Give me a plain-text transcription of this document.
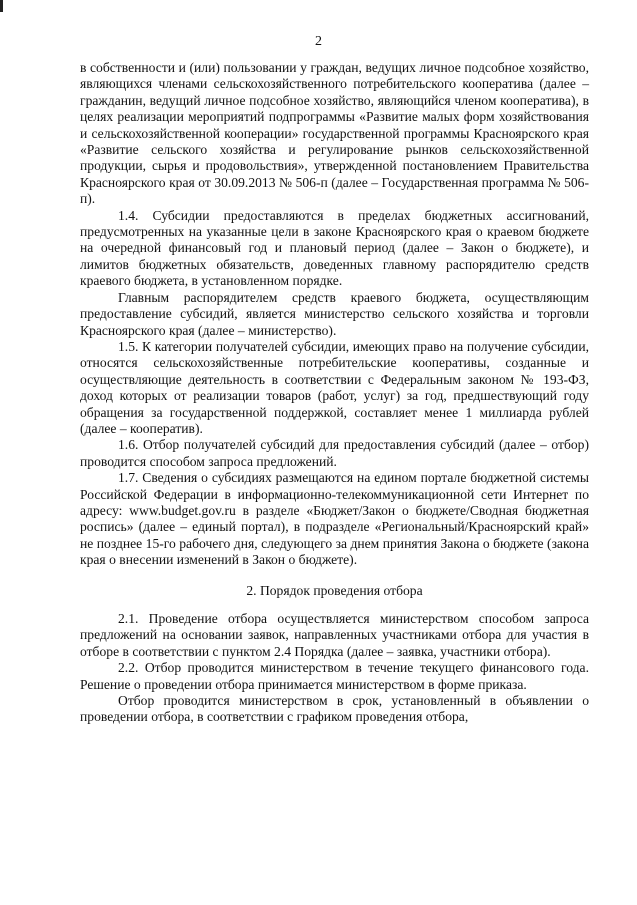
2

в собственности и (или) пользовании у граждан, ведущих личное подсобное хозяйство, являющихся членами сельскохозяйственного потребительского кооператива (далее – гражданин, ведущий личное подсобное хозяйство, являющийся членом кооператива), в целях реализации мероприятий подпрограммы «Развитие малых форм хозяйствования и сельскохозяйственной кооперации» государственной программы Красноярского края «Развитие сельского хозяйства и регулирование рынков сельскохозяйственной продукции, сырья и продовольствия», утвержденной постановлением Правительства Красноярского края от 30.09.2013 № 506-п (далее – Государственная программа № 506-п).

1.4. Субсидии предоставляются в пределах бюджетных ассигнований, предусмотренных на указанные цели в законе Красноярского края о краевом бюджете на очередной финансовый год и плановый период (далее – Закон о бюджете), и лимитов бюджетных обязательств, доведенных главному распорядителю средств краевого бюджета, в установленном порядке.

Главным распорядителем средств краевого бюджета, осуществляющим предоставление субсидий, является министерство сельского хозяйства и торговли Красноярского края (далее – министерство).

1.5. К категории получателей субсидии, имеющих право на получение субсидии, относятся сельскохозяйственные потребительские кооперативы, созданные и осуществляющие деятельность в соответствии с Федеральным законом № 193-ФЗ, доход которых от реализации товаров (работ, услуг) за год, предшествующий году обращения за государственной поддержкой, составляет менее 1 миллиарда рублей (далее – кооператив).

1.6. Отбор получателей субсидий для предоставления субсидий (далее – отбор) проводится способом запроса предложений.

1.7. Сведения о субсидиях размещаются на едином портале бюджетной системы Российской Федерации в информационно-телекоммуникационной сети Интернет по адресу: www.budget.gov.ru в разделе «Бюджет/Закон о бюджете/Сводная бюджетная роспись» (далее – единый портал), в подразделе «Региональный/Красноярский край» не позднее 15-го рабочего дня, следующего за днем принятия Закона о бюджете (закона края о внесении изменений в Закон о бюджете).

2. Порядок проведения отбора

2.1. Проведение отбора осуществляется министерством способом запроса предложений на основании заявок, направленных участниками отбора для участия в отборе в соответствии с пунктом 2.4 Порядка (далее – заявка, участники отбора).

2.2. Отбор проводится министерством в течение текущего финансового года. Решение о проведении отбора принимается министерством в форме приказа.

Отбор проводится министерством в срок, установленный в объявлении о проведении отбора, в соответствии с графиком проведения отбора,
